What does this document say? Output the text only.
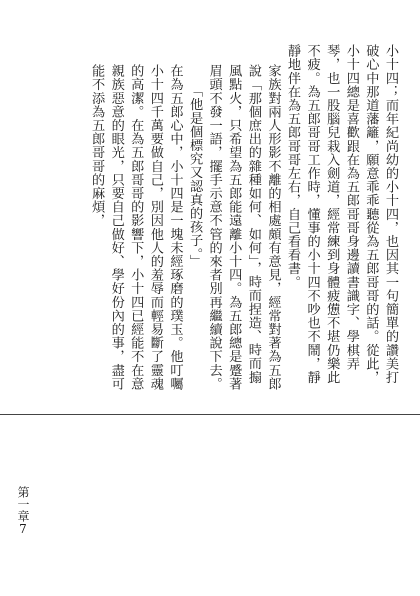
小十四；而年紀尚幼的小十四，也因其一句簡單的讚美打破心中那道藩籬，願意乖乖聽從為五郎哥哥的話。從此，小十四總是喜歡跟在為五郎哥哥身邊讀書識字、學棋弄琴，也一股腦兒栽入劍道，經常練到身體疲憊不堪仍樂此不疲。為五郎哥哥工作時，懂事的小十四不吵也不鬧，靜靜地伴在為五郎哥哥左右，自己看看書。

家族對兩人形影不離的相處頗有意見，經常對著為五郎說「那個庶出的雜種如何、如何」，時而捏造、時而搧風點火，只希望為五郎能遠離小十四。為五郎總是蹙著眉頭不發一語，擺手示意不管的來者別再繼續說下去。

「他是個標究又認真的孩子。」

在為五郎心中，小十四是一塊未經琢磨的璞玉。他叮囑小十四千萬要做自己，別因他人的羞辱而輕易斷了靈魂的高潔。在為五郎哥哥的影響下，小十四已經能不在意親族惡意的眼光，只要自己做好、學好份內的事，盡可能不添為五郎哥哥的麻煩，

第一章
7
